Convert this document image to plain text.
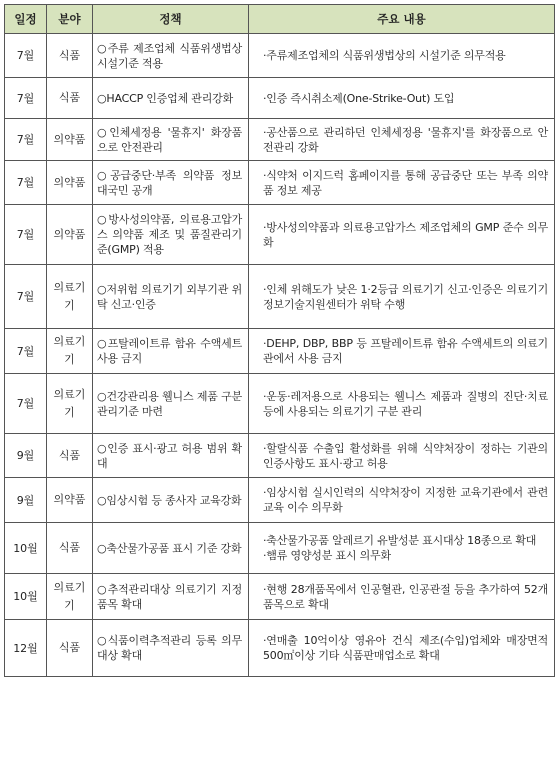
일정	분야	정책	주요 내용
7월	식품	○주류 제조업체 식품위생법상 시설기준 적용	·주류제조업체의 식품위생법상의 시설기준 의무적용

7월	식품	○HACCP 인증업체 관리강화	·인증 즉시취소제(One-Strike-Out) 도입

7월	의약품	○인체세정용 '물휴지' 화장품으로 안전관리	·공산품으로 관리하던 인체세정용 '물휴지'를 화장품으로 안전관리 강화

7월	의약품	○공급중단·부족 의약품 정보 대국민 공개	·식약처 이지드럭 홈페이지를 통해 공급중단 또는 부족 의약품 정보 제공

7월	의약품	○방사성의약품, 의료용고압가스 의약품 제조 및 품질관리기준(GMP) 적용	·방사성의약품과 의료용고압가스 제조업체의 GMP 준수 의무화

7월	의료기기	○저위험 의료기기 외부기관 위탁 신고·인증	·인체 위해도가 낮은 1·2등급 의료기기 신고·인증은 의료기기정보기술지원센터가 위탁 수행

7월	의료기기	○프탈레이트류 함유 수액세트 사용 금지	·DEHP, DBP, BBP 등 프탈레이트류 함유 수액세트의 의료기관에서 사용 금지

7월	의료기기	○건강관리용 웰니스 제품 구분관리기준 마련	·운동·레저용으로 사용되는 웰니스 제품과 질병의 진단·치료 등에 사용되는 의료기기 구분 관리

9월	식품	○인증 표시·광고 허용 범위 확대	·할랄식품 수출입 활성화를 위해 식약처장이 정하는 기관의 인증사항도 표시·광고 허용

9월	의약품	○임상시험 등 종사자 교육강화	·임상시험 실시인력의 식약처장이 지정한 교육기관에서 관련교육 이수 의무화

10월	식품	○축산물가공품 표시 기준 강화	·축산물가공품 알레르기 유발성분 표시대상 18종으로 확대
·햄류 영양성분 표시 의무화

10월	의료기기	○추적관리대상 의료기기 지정 품목 확대	·현행 28개품목에서 인공혈관, 인공관절 등을 추가하여 52개 품목으로 확대

12월	식품	○식품이력추적관리 등록 의무 대상 확대	·연매출 10억이상 영유아 건식 제조(수입)업체와 매장면적 500㎡이상 기타 식품판매업소로 확대
